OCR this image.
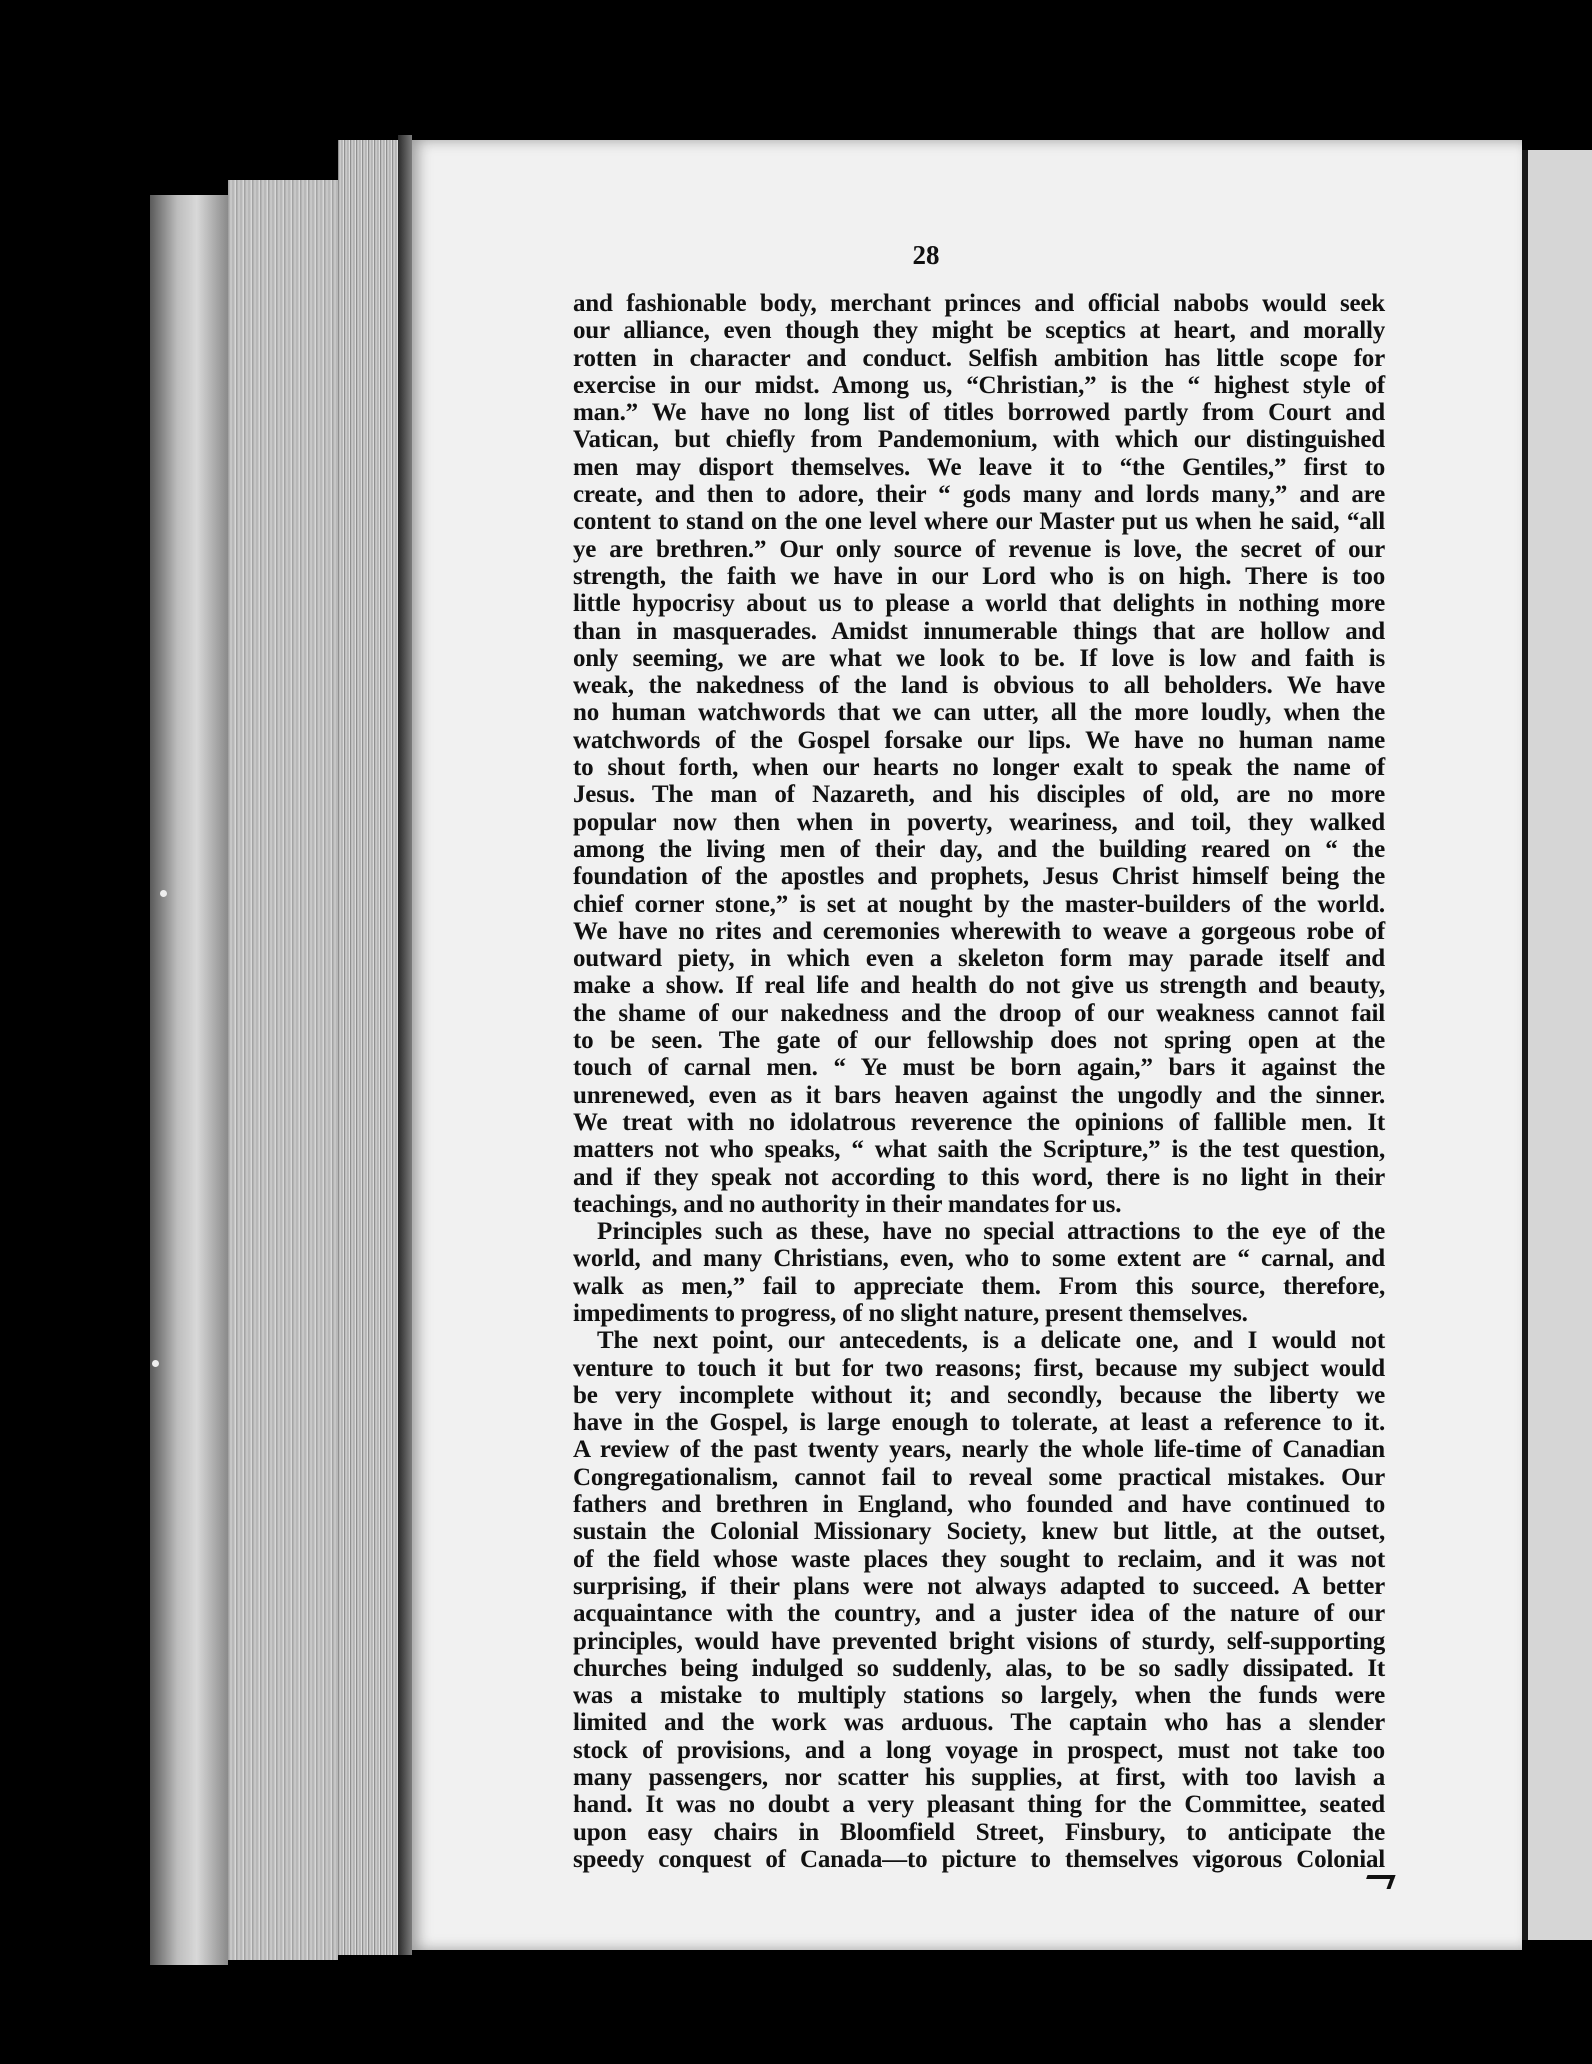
28
and fashionable body, merchant princes and official nabobs would seek
our alliance, even though they might be sceptics at heart, and morally
rotten in character and conduct. Selfish ambition has little scope for
exercise in our midst. Among us, “Christian,” is the “ highest style of
man.” We have no long list of titles borrowed partly from Court and
Vatican, but chiefly from Pandemonium, with which our distinguished
men may disport themselves. We leave it to “the Gentiles,” first to
create, and then to adore, their “ gods many and lords many,” and are
content to stand on the one level where our Master put us when he said, “all
ye are brethren.” Our only source of revenue is love, the secret of our
strength, the faith we have in our Lord who is on high. There is too
little hypocrisy about us to please a world that delights in nothing more
than in masquerades. Amidst innumerable things that are hollow and
only seeming, we are what we look to be. If love is low and faith is
weak, the nakedness of the land is obvious to all beholders. We have
no human watchwords that we can utter, all the more loudly, when the
watchwords of the Gospel forsake our lips. We have no human name
to shout forth, when our hearts no longer exalt to speak the name of
Jesus. The man of Nazareth, and his disciples of old, are no more
popular now then when in poverty, weariness, and toil, they walked
among the living men of their day, and the building reared on “ the
foundation of the apostles and prophets, Jesus Christ himself being the
chief corner stone,” is set at nought by the master-builders of the world.
We have no rites and ceremonies wherewith to weave a gorgeous robe of
outward piety, in which even a skeleton form may parade itself and
make a show. If real life and health do not give us strength and beauty,
the shame of our nakedness and the droop of our weakness cannot fail
to be seen. The gate of our fellowship does not spring open at the
touch of carnal men. “ Ye must be born again,” bars it against the
unrenewed, even as it bars heaven against the ungodly and the sinner.
We treat with no idolatrous reverence the opinions of fallible men. It
matters not who speaks, “ what saith the Scripture,” is the test question,
and if they speak not according to this word, there is no light in their
teachings, and no authority in their mandates for us.
Principles such as these, have no special attractions to the eye of the
world, and many Christians, even, who to some extent are “ carnal, and
walk as men,” fail to appreciate them. From this source, therefore,
impediments to progress, of no slight nature, present themselves.
The next point, our antecedents, is a delicate one, and I would not
venture to touch it but for two reasons; first, because my subject would
be very incomplete without it; and secondly, because the liberty we
have in the Gospel, is large enough to tolerate, at least a reference to it.
A review of the past twenty years, nearly the whole life-time of Canadian
Congregationalism, cannot fail to reveal some practical mistakes. Our
fathers and brethren in England, who founded and have continued to
sustain the Colonial Missionary Society, knew but little, at the outset,
of the field whose waste places they sought to reclaim, and it was not
surprising, if their plans were not always adapted to succeed. A better
acquaintance with the country, and a juster idea of the nature of our
principles, would have prevented bright visions of sturdy, self-supporting
churches being indulged so suddenly, alas, to be so sadly dissipated. It
was a mistake to multiply stations so largely, when the funds were
limited and the work was arduous. The captain who has a slender
stock of provisions, and a long voyage in prospect, must not take too
many passengers, nor scatter his supplies, at first, with too lavish a
hand. It was no doubt a very pleasant thing for the Committee, seated
upon easy chairs in Bloomfield Street, Finsbury, to anticipate the
speedy conquest of Canada—to picture to themselves vigorous Colonial
